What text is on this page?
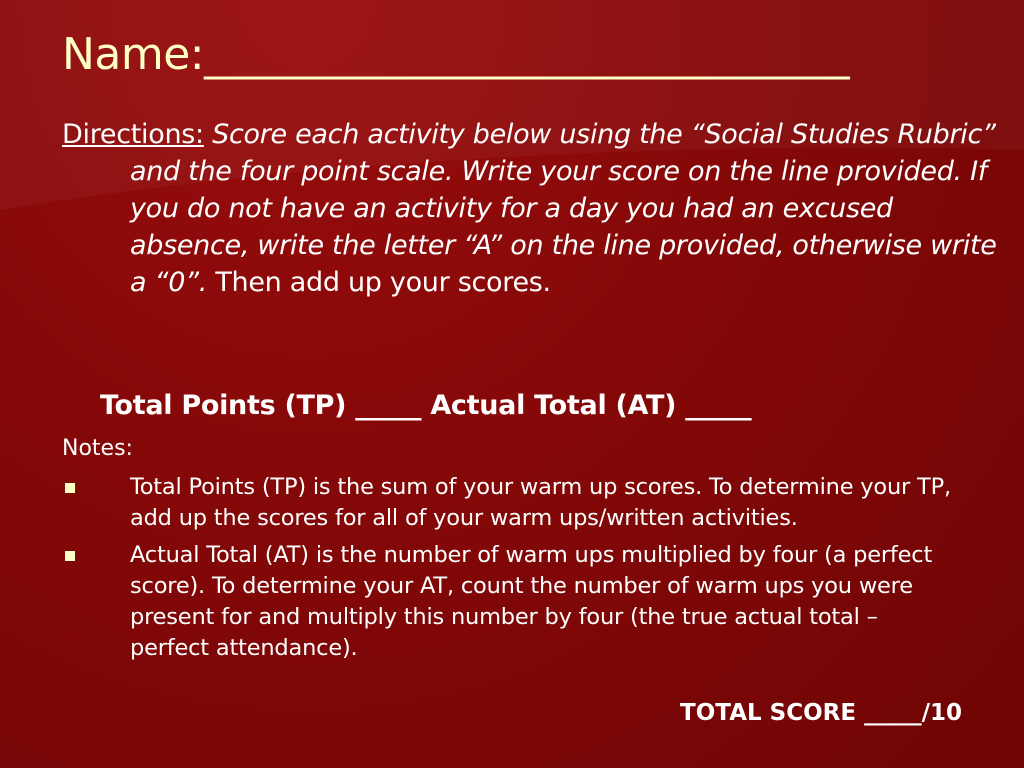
Name:______________________________
Directions: Score each activity below using the “Social Studies Rubric” and the four point scale. Write your score on the line provided. If you do not have an activity for a day you had an excused absence, write the letter “A” on the line provided, otherwise write a “0”. Then add up your scores.
Total Points (TP) _____ Actual Total (AT) _____
Notes:
Total Points (TP) is the sum of your warm up scores. To determine your TP, add up the scores for all of your warm ups/written activities.
Actual Total (AT) is the number of warm ups multiplied by four (a perfect score). To determine your AT, count the number of warm ups you were present for and multiply this number by four (the true actual total – perfect attendance).
TOTAL SCORE _____/10
